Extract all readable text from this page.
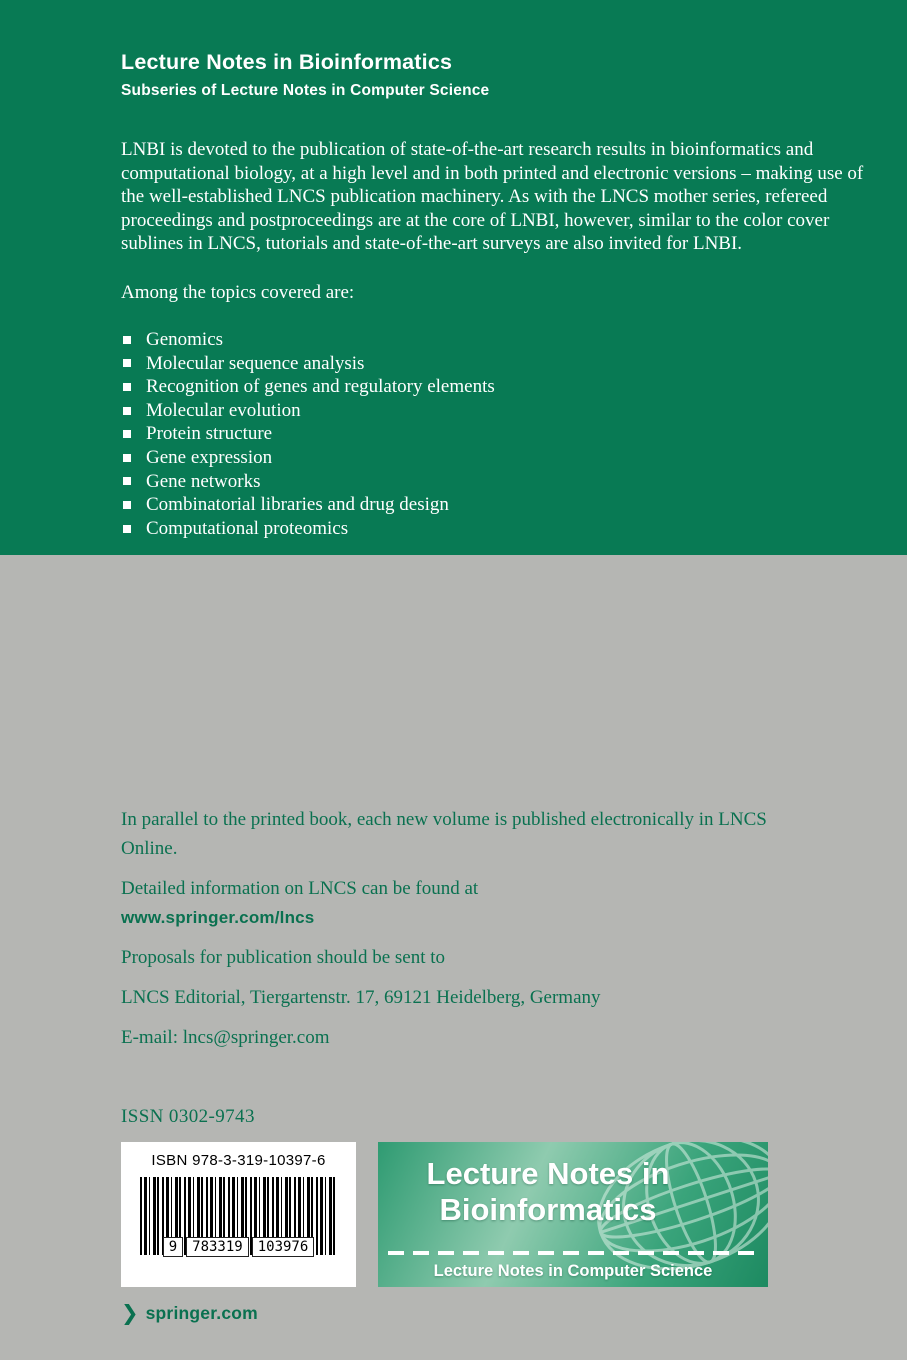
Lecture Notes in Bioinformatics
Subseries of Lecture Notes in Computer Science

LNBI is devoted to the publication of state-of-the-art research results in bioinformatics and computational biology, at a high level and in both printed and electronic versions – making use of the well-established LNCS publication machinery. As with the LNCS mother series, refereed proceedings and postproceedings are at the core of LNBI, however, similar to the color cover sublines in LNCS, tutorials and state-of-the-art surveys are also invited for LNBI.

Among the topics covered are:

Genomics
Molecular sequence analysis
Recognition of genes and regulatory elements
Molecular evolution
Protein structure
Gene expression
Gene networks
Combinatorial libraries and drug design
Computational proteomics

In parallel to the printed book, each new volume is published electronically in LNCS Online.

Detailed information on LNCS can be found at

www.springer.com/lncs

Proposals for publication should be sent to

LNCS Editorial, Tiergartenstr. 17, 69121 Heidelberg, Germany

E-mail: lncs@springer.com

ISSN 0302-9743

ISBN 978-3-319-10397-6
9	783319	103976
Lecture Notes in
Bioinformatics
Lecture Notes in Computer Science
❯ springer.com
